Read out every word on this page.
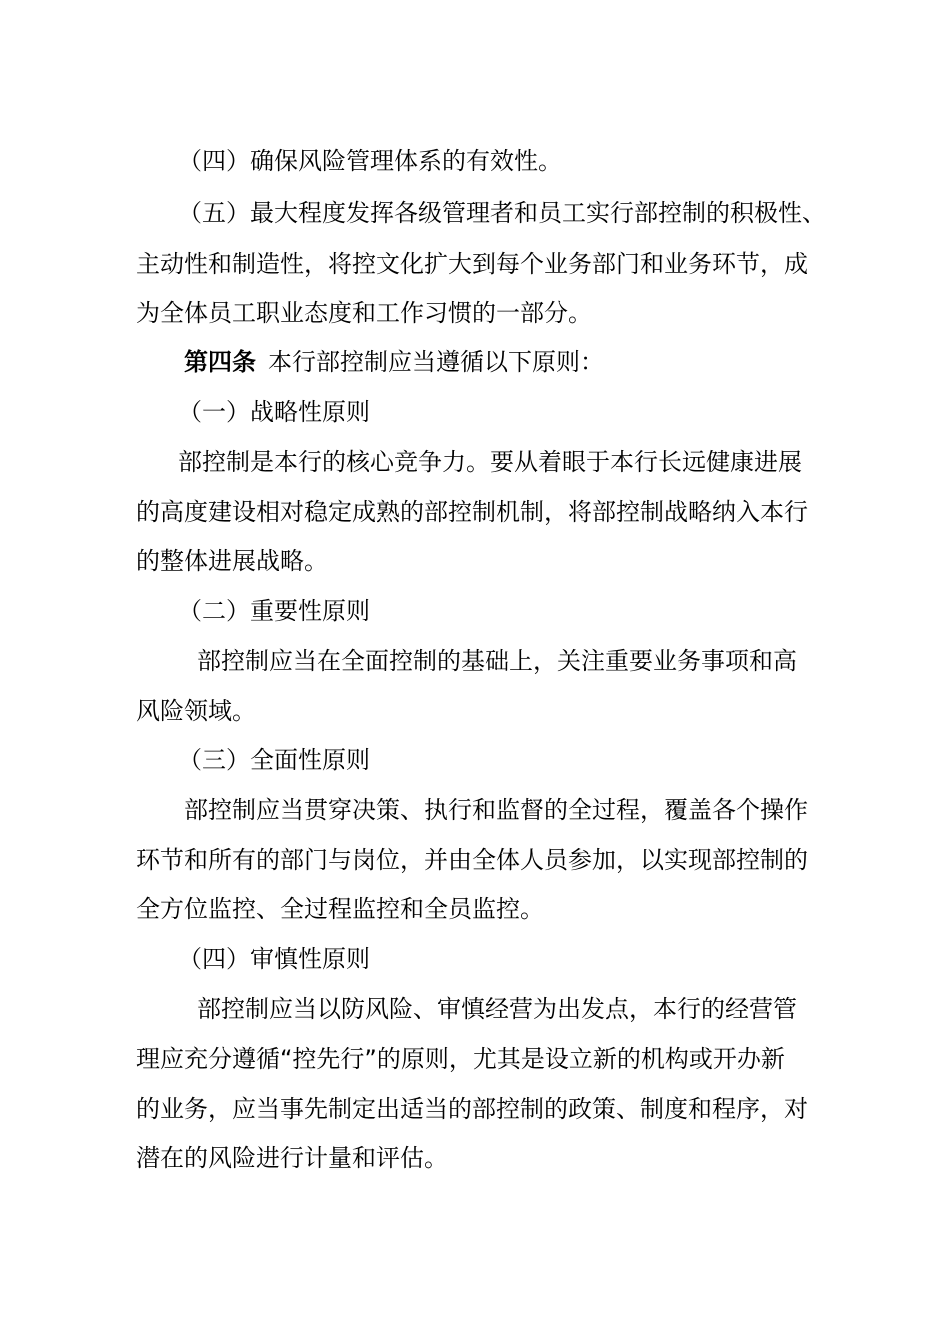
（四）确保风险管理体系的有效性。
（五）最大程度发挥各级管理者和员工实行部控制的积极性、
主动性和制造性，将控文化扩大到每个业务部门和业务环节，成
为全体员工职业态度和工作习惯的一部分。
第四条 本行部控制应当遵循以下原则：
（一）战略性原则
部控制是本行的核心竞争力。要从着眼于本行长远健康进展
的高度建设相对稳定成熟的部控制机制，将部控制战略纳入本行
的整体进展战略。
（二）重要性原则
部控制应当在全面控制的基础上，关注重要业务事项和高
风险领域。
（三）全面性原则
部控制应当贯穿决策、执行和监督的全过程，覆盖各个操作
环节和所有的部门与岗位，并由全体人员参加，以实现部控制的
全方位监控、全过程监控和全员监控。
（四）审慎性原则
部控制应当以防风险、审慎经营为出发点，本行的经营管
理应充分遵循“控先行”的原则，尤其是设立新的机构或开办新
的业务，应当事先制定出适当的部控制的政策、制度和程序，对
潜在的风险进行计量和评估。
